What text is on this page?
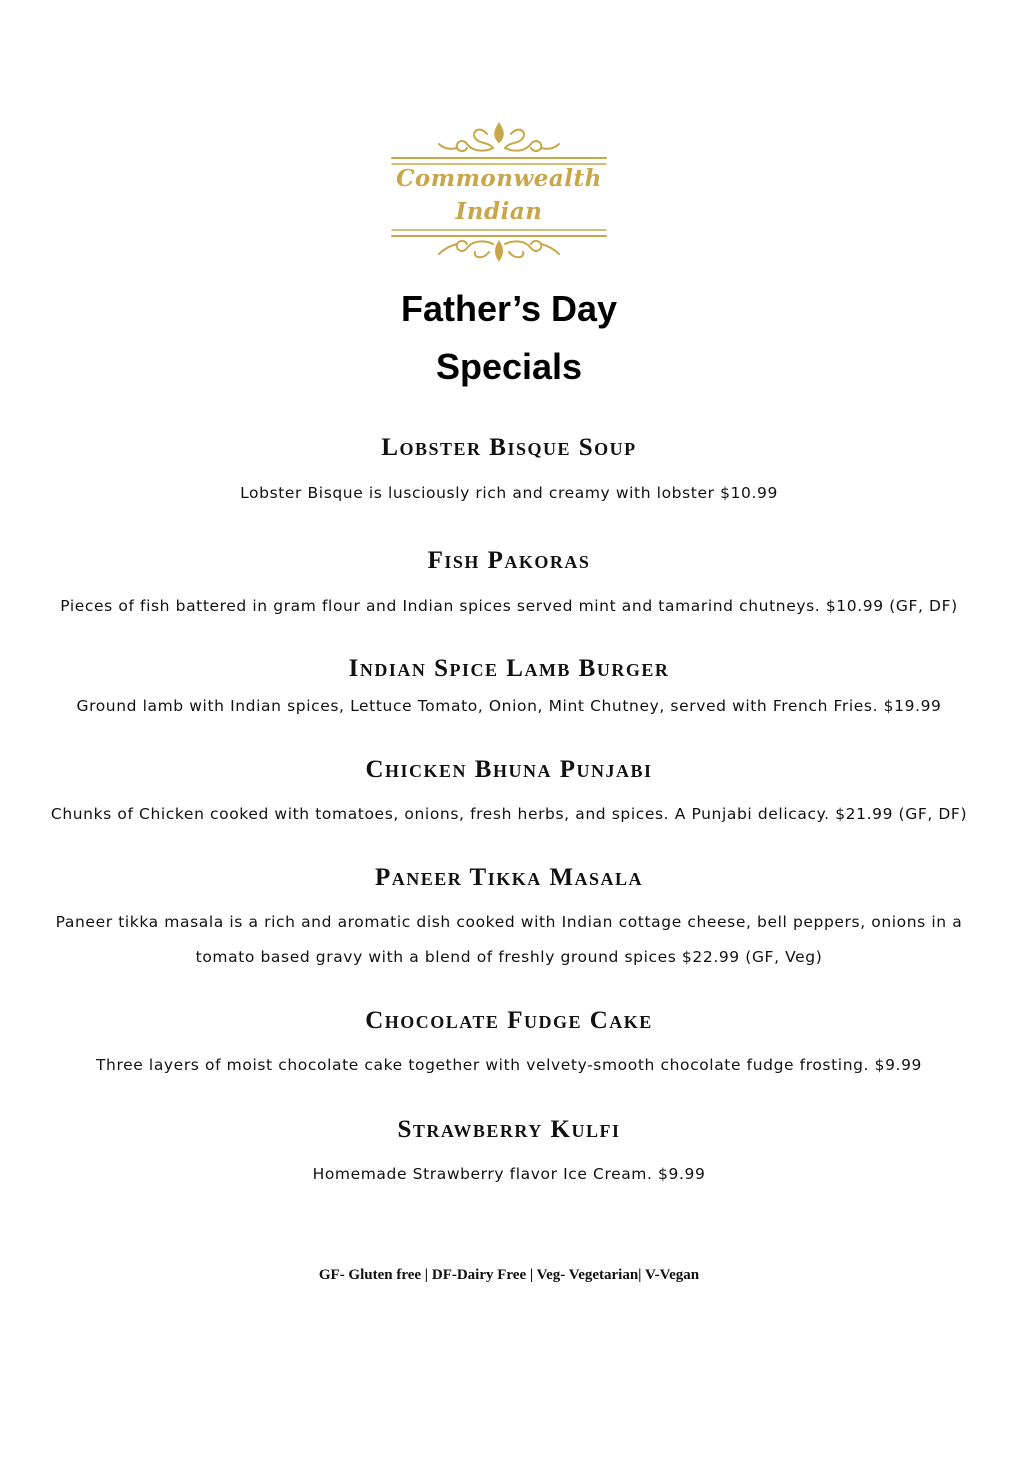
Commonwealth
Indian
Father’s Day
Specials
Lobster Bisque Soup
Lobster Bisque is lusciously rich and creamy with lobster $10.99
Fish Pakoras
Pieces of fish battered in gram flour and Indian spices served mint and tamarind chutneys. $10.99 (GF, DF)
Indian Spice Lamb Burger
Ground lamb with Indian spices, Lettuce Tomato, Onion, Mint Chutney, served with French Fries. $19.99
Chicken Bhuna Punjabi
Chunks of Chicken cooked with tomatoes, onions, fresh herbs, and spices. A Punjabi delicacy. $21.99 (GF, DF)
Paneer Tikka Masala
Paneer tikka masala is a rich and aromatic dish cooked with Indian cottage cheese, bell peppers, onions in a tomato based gravy with a blend of freshly ground spices $22.99 (GF, Veg)
Chocolate Fudge Cake
Three layers of moist chocolate cake together with velvety-smooth chocolate fudge frosting. $9.99
Strawberry Kulfi
Homemade Strawberry flavor Ice Cream. $9.99
GF- Gluten free | DF-Dairy Free | Veg- Vegetarian| V-Vegan
